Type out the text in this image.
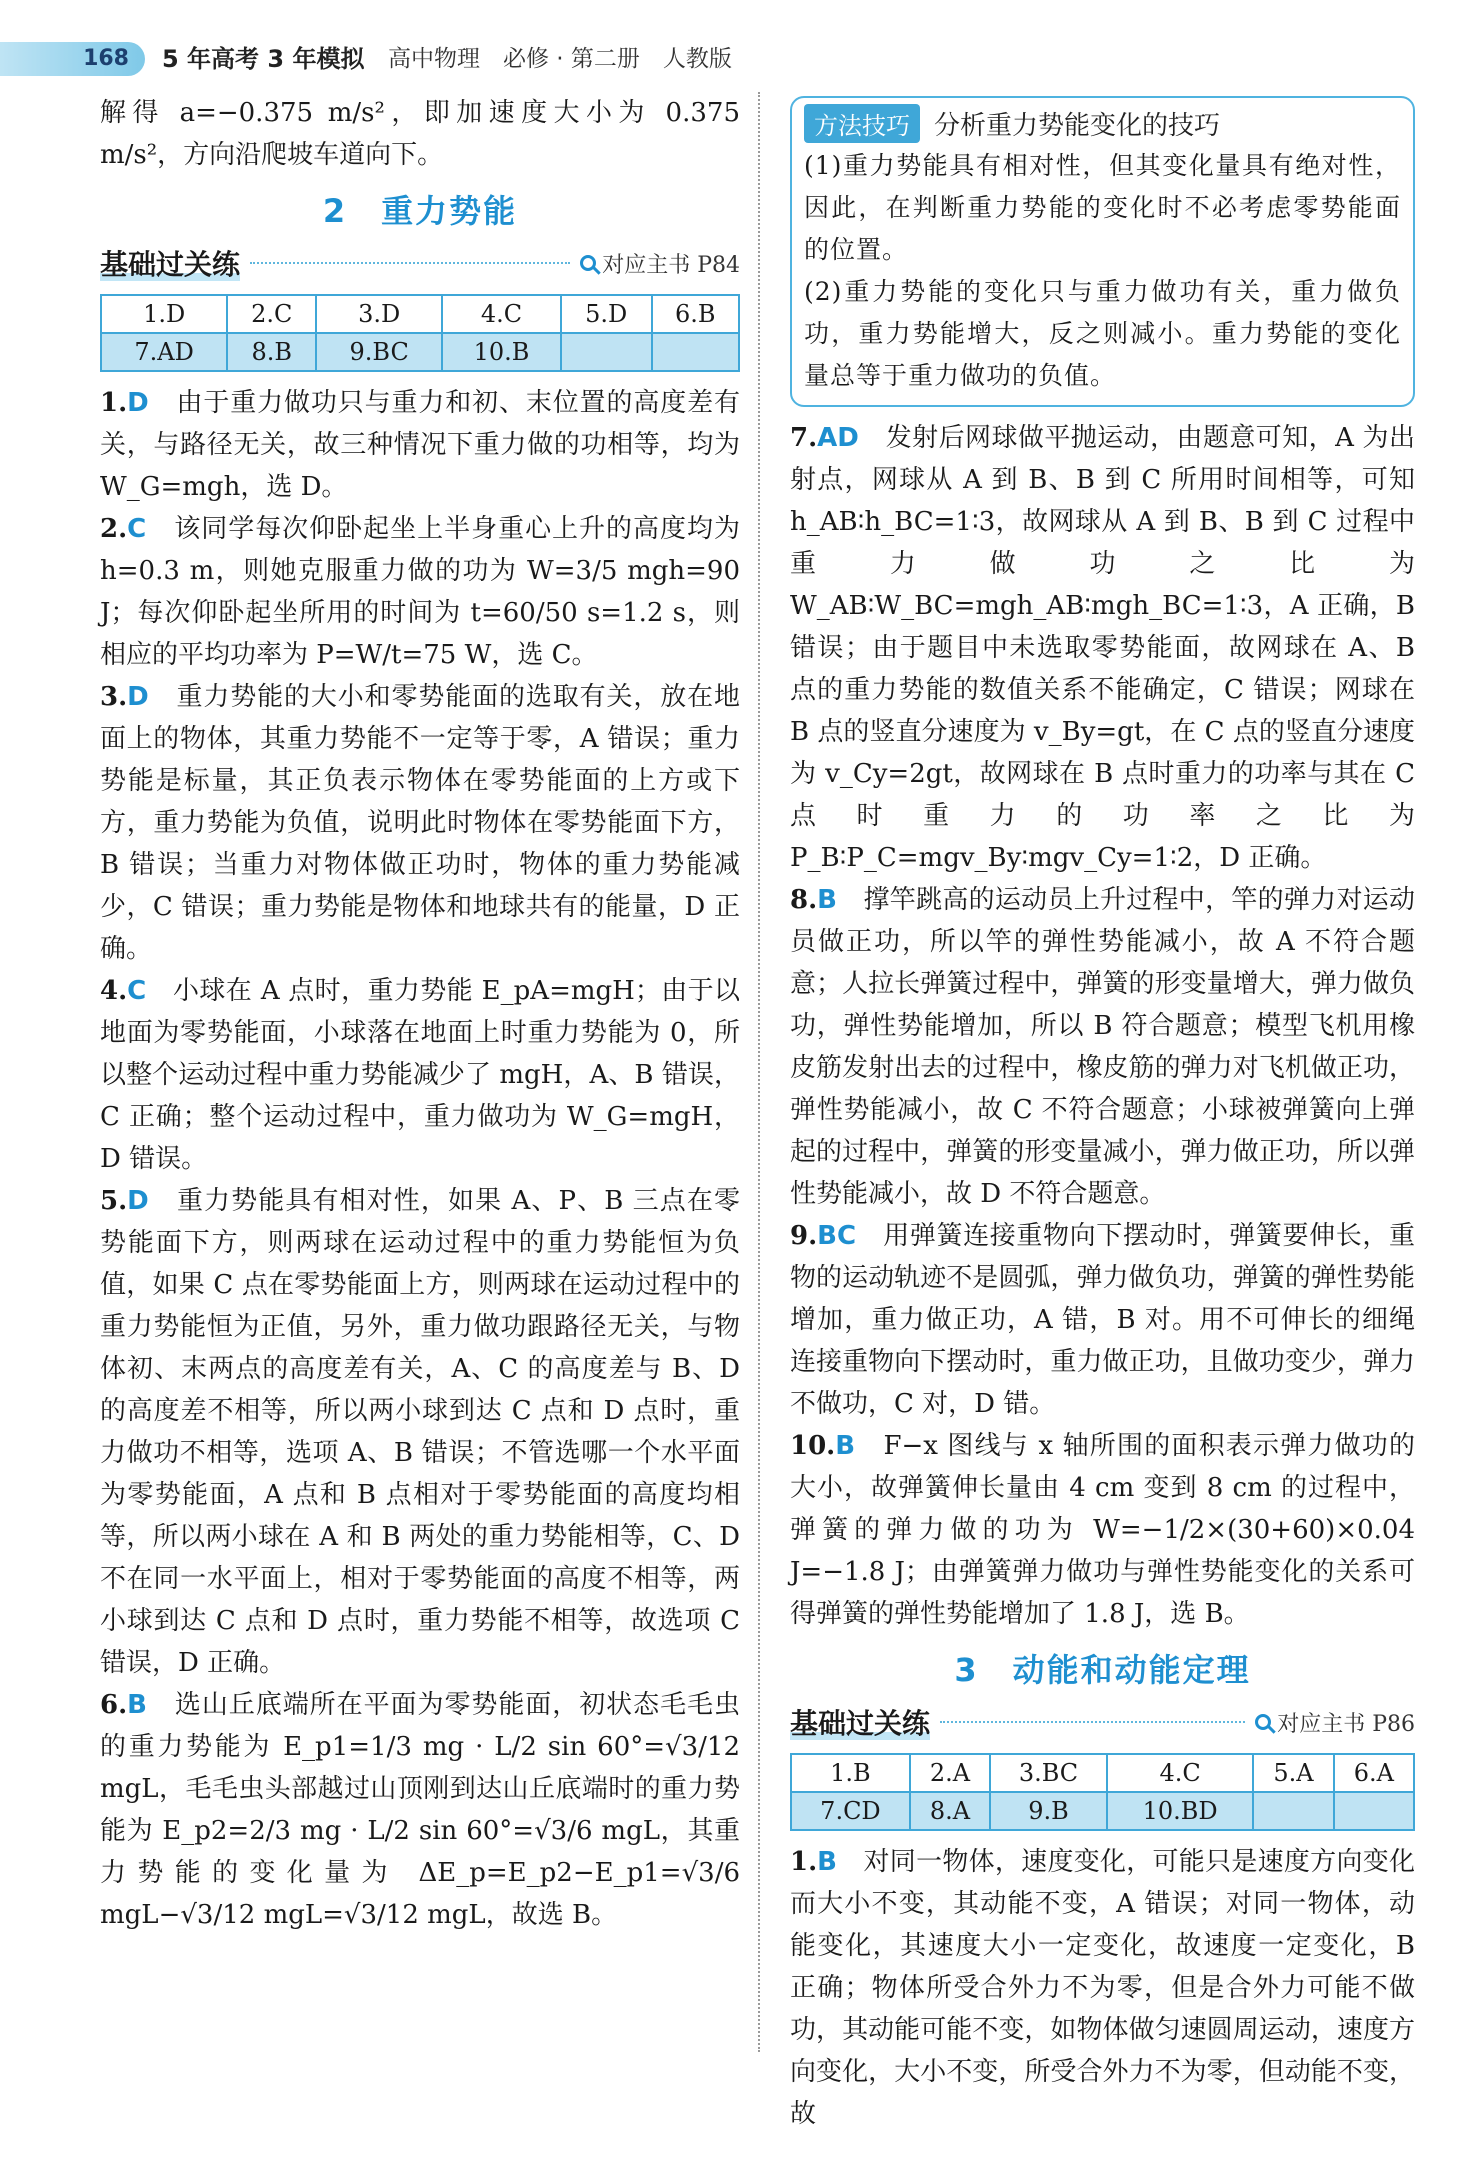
168	5 年高考 3 年模拟 高中物理　必修 · 第二册　人教版

解得 a=−0.375 m/s²，即加速度大小为 0.375 m/s²，方向沿爬坡车道向下。

2　重力势能
基础过关练	对应主书 P84
1.D	2.C	3.D	4.C	5.D	6.B
7.AD	8.B	9.BC	10.B		

1.D　由于重力做功只与重力和初、末位置的高度差有关，与路径无关，故三种情况下重力做的功相等，均为 W_G=mgh，选 D。

2.C　该同学每次仰卧起坐上半身重心上升的高度均为 h=0.3 m，则她克服重力做的功为 W=3/5 mgh=90 J；每次仰卧起坐所用的时间为 t=60/50 s=1.2 s，则相应的平均功率为 P=W/t=75 W，选 C。

3.D　重力势能的大小和零势能面的选取有关，放在地面上的物体，其重力势能不一定等于零，A 错误；重力势能是标量，其正负表示物体在零势能面的上方或下方，重力势能为负值，说明此时物体在零势能面下方，B 错误；当重力对物体做正功时，物体的重力势能减少，C 错误；重力势能是物体和地球共有的能量，D 正确。

4.C　小球在 A 点时，重力势能 E_pA=mgH；由于以地面为零势能面，小球落在地面上时重力势能为 0，所以整个运动过程中重力势能减少了 mgH，A、B 错误，C 正确；整个运动过程中，重力做功为 W_G=mgH，D 错误。

5.D　重力势能具有相对性，如果 A、P、B 三点在零势能面下方，则两球在运动过程中的重力势能恒为负值，如果 C 点在零势能面上方，则两球在运动过程中的重力势能恒为正值，另外，重力做功跟路径无关，与物体初、末两点的高度差有关，A、C 的高度差与 B、D 的高度差不相等，所以两小球到达 C 点和 D 点时，重力做功不相等，选项 A、B 错误；不管选哪一个水平面为零势能面，A 点和 B 点相对于零势能面的高度均相等，所以两小球在 A 和 B 两处的重力势能相等，C、D 不在同一水平面上，相对于零势能面的高度不相等，两小球到达 C 点和 D 点时，重力势能不相等，故选项 C 错误，D 正确。

6.B　选山丘底端所在平面为零势能面，初状态毛毛虫的重力势能为 E_p1=1/3 mg · L/2 sin 60°=√3/12 mgL，毛毛虫头部越过山顶刚到达山丘底端时的重力势能为 E_p2=2/3 mg · L/2 sin 60°=√3/6 mgL，其重力势能的变化量为 ΔE_p=E_p2−E_p1=√3/6 mgL−√3/12 mgL=√3/12 mgL，故选 B。

方法技巧 分析重力势能变化的技巧

(1)重力势能具有相对性，但其变化量具有绝对性，因此，在判断重力势能的变化时不必考虑零势能面的位置。

(2)重力势能的变化只与重力做功有关，重力做负功，重力势能增大，反之则减小。重力势能的变化量总等于重力做功的负值。

7.AD　发射后网球做平抛运动，由题意可知，A 为出射点，网球从 A 到 B、B 到 C 所用时间相等，可知 h_AB∶h_BC=1∶3，故网球从 A 到 B、B 到 C 过程中重力做功之比为 W_AB∶W_BC=mgh_AB∶mgh_BC=1∶3，A 正确，B 错误；由于题目中未选取零势能面，故网球在 A、B 点的重力势能的数值关系不能确定，C 错误；网球在 B 点的竖直分速度为 v_By=gt，在 C 点的竖直分速度为 v_Cy=2gt，故网球在 B 点时重力的功率与其在 C 点时重力的功率之比为 P_B∶P_C=mgv_By∶mgv_Cy=1∶2，D 正确。

8.B　撑竿跳高的运动员上升过程中，竿的弹力对运动员做正功，所以竿的弹性势能减小，故 A 不符合题意；人拉长弹簧过程中，弹簧的形变量增大，弹力做负功，弹性势能增加，所以 B 符合题意；模型飞机用橡皮筋发射出去的过程中，橡皮筋的弹力对飞机做正功，弹性势能减小，故 C 不符合题意；小球被弹簧向上弹起的过程中，弹簧的形变量减小，弹力做正功，所以弹性势能减小，故 D 不符合题意。

9.BC　用弹簧连接重物向下摆动时，弹簧要伸长，重物的运动轨迹不是圆弧，弹力做负功，弹簧的弹性势能增加，重力做正功，A 错，B 对。用不可伸长的细绳连接重物向下摆动时，重力做正功，且做功变少，弹力不做功，C 对，D 错。

10.B　F−x 图线与 x 轴所围的面积表示弹力做功的大小，故弹簧伸长量由 4 cm 变到 8 cm 的过程中，弹簧的弹力做的功为 W=−1/2×(30+60)×0.04 J=−1.8 J；由弹簧弹力做功与弹性势能变化的关系可得弹簧的弹性势能增加了 1.8 J，选 B。

3　动能和动能定理
基础过关练	对应主书 P86
1.B	2.A	3.BC	4.C	5.A	6.A
7.CD	8.A	9.B	10.BD		

1.B　对同一物体，速度变化，可能只是速度方向变化而大小不变，其动能不变，A 错误；对同一物体，动能变化，其速度大小一定变化，故速度一定变化，B 正确；物体所受合外力不为零，但是合外力可能不做功，其动能可能不变，如物体做匀速圆周运动，速度方向变化，大小不变，所受合外力不为零，但动能不变，故
